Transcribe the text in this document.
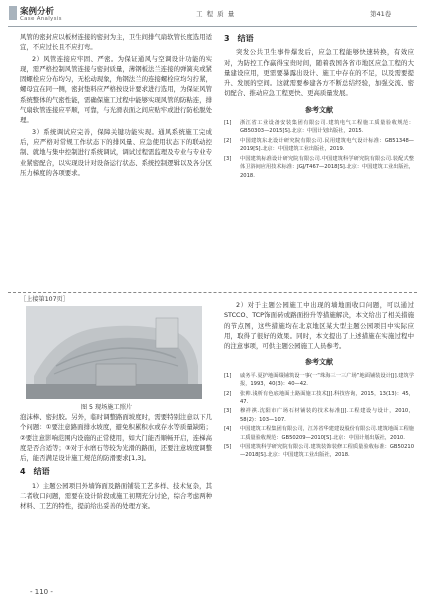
案例分析
Case Analysis
工 程 质 量	第41卷

风管的密封应以板材连接的密封为主，卫生间排气扇软管长度选用适宜，不应过长且不应打弯。

2）风管连接应牢固、严密。为保证通风与空调设计功能的实现，需严格控制风管连接与密封质量，薄钢板法兰连接的弹簧夹或紧固螺栓应分布均匀，无松动现象，角钢法兰的连接螺栓应均匀拧紧，螺母宜在同一侧，密封垫料应严格按设计要求进行选用，为保证风管系统整体的气密性能，需确保施工过程中能够实现风管的防粘连，排气扇软管连接应平顺，可靠，与光滑表面之间应贴牢或进行防松脱处理。

3）系统调试应完善，保障关键功能实现。通风系统施工完成后，应严格对常规工作状态下的排风量、应急使用状态下的联动控制、就地与集中控制进行系统调试，调试过程需监理及专业与专业专业紧密配合，以实现设计对设备运行状态、系统控制逻辑以及各分区压力梯度的各项要求。

3 结语

突发公共卫生事件爆发后，应急工程能够快速转换，有效应对，为防控工作赢得宝贵时间，随着我国各省市地区应急工程的大量建设应用，更需要暴露出设计、施工中存在的不足，以及需要提升、发展的空间。这就需要参建各方不断总结经验，加强交流、密切配合、推动应急工程更快、更高质量发展。

参考文献
[1]	浙江省工业设备安装集团有限公司.建筑电气工程施工质量验收规范：GB50303—2015[S].北京：中国计划出版社，2015.
[2]	中国建筑东北设计研究院有限公司.民用建筑电气设计标准：GB51348—2019[S].北京：中国建筑工业出版社，2019.
[3]	中国建筑标准设计研究院有限公司.中国建筑科学研究院有限公司.装配式整体卫浴间应用技术标准：JGJ/T467—2018[S].北京：中国建筑工业出版社，2018.
［上接第107页］
图 5 现场施工照片

泡沫棒、密封胶。另外，临时调整路面坡度时，需要特别注意以下几个问题：①要注意路面排水坡度，避免积累积水或存水等质量缺陷；②要注意影响范围内设施的正常使用，如大门能否顺畅开启，连梯高度是否合适等；③对于水磨石等较为光滑的路面，还要注意坡度调整后，能否满足设计施工规范的防滑要求[1,3]。

4 结语

1）主题公园项目外墙饰面及路面铺装工艺多样、技术复杂，其二者收口问题，需要在设计阶段或施工初期充分讨论，综合考虑两种材料、工艺的特性，提前给出妥善的处理方案。

2）对于主题公园施工中出现的墙地面收口问题，可以通过STCCO、TCP饰面砖或路面扮升等措施解决，本文给出了相关措施的节点图，这些措施均在北京地区某大型主题公园项目中实际应用，取得了很好的效果。同时，本文提出了上述措施在实施过程中的注意事项，可供主题公园施工人员参考。

参考文献
[1]	戚务平.夏护地面缀铺筑设一事(一“珠海三一三广场”地面铺装设计[J].建筑学报，1993，40(3)：40—42.
[2]	张帅.浅析有色底地面土路面施工技术[J].科技咨询，2015，13(13)：45，47.
[3]	穆祥祺.沈阳市广场石材铺装的技术标准[J].工程建设与设计，2010，58(2)：103—107.
[4]	中国建筑工程集团有限公司，江苏省华建建设股份有限公司.建筑地面工程施工质量验收规范：GB50209—2010[S].北京：中国计划出版社，2010.
[5]	中国建筑科学研究院有限公司.建筑装饰装修工程质量验收标准：GB50210—2018[S].北京：中国建筑工业出版社，2018.
- 110 -
